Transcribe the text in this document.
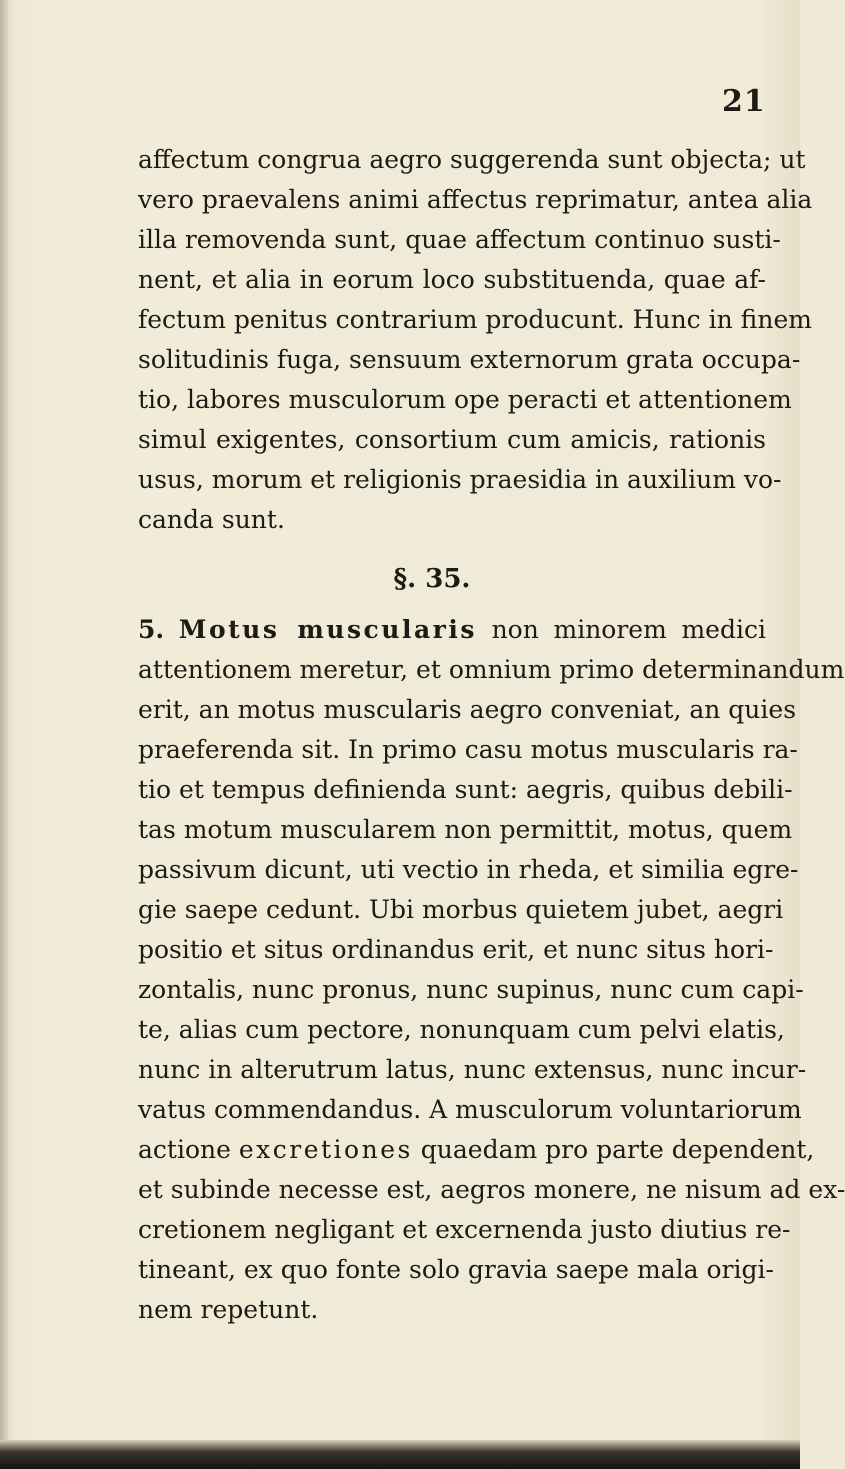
21
affectum congrua aegro suggerenda sunt objecta; ut
vero praevalens animi affectus reprimatur, antea alia
illa removenda sunt, quae affectum continuo susti-
nent, et alia in eorum loco substituenda, quae af-
fectum penitus contrarium producunt. Hunc in finem
solitudinis fuga, sensuum externorum grata occupa-
tio, labores musculorum ope peracti et attentionem
simul exigentes, consortium cum amicis, rationis
usus, morum et religionis praesidia in auxilium vo-
canda sunt.
§. 35.
5. Motus muscularis non minorem medici
attentionem meretur, et omnium primo determinandum
erit, an motus muscularis aegro conveniat, an quies
praeferenda sit. In primo casu motus muscularis ra-
tio et tempus definienda sunt: aegris, quibus debili-
tas motum muscularem non permittit, motus, quem
passivum dicunt, uti vectio in rheda, et similia egre-
gie saepe cedunt. Ubi morbus quietem jubet, aegri
positio et situs ordinandus erit, et nunc situs hori-
zontalis, nunc pronus, nunc supinus, nunc cum capi-
te, alias cum pectore, nonunquam cum pelvi elatis,
nunc in alterutrum latus, nunc extensus, nunc incur-
vatus commendandus. A musculorum voluntariorum
actione excretiones quaedam pro parte dependent,
et subinde necesse est, aegros monere, ne nisum ad ex-
cretionem negligant et excernenda justo diutius re-
tineant, ex quo fonte solo gravia saepe mala origi-
nem repetunt.
